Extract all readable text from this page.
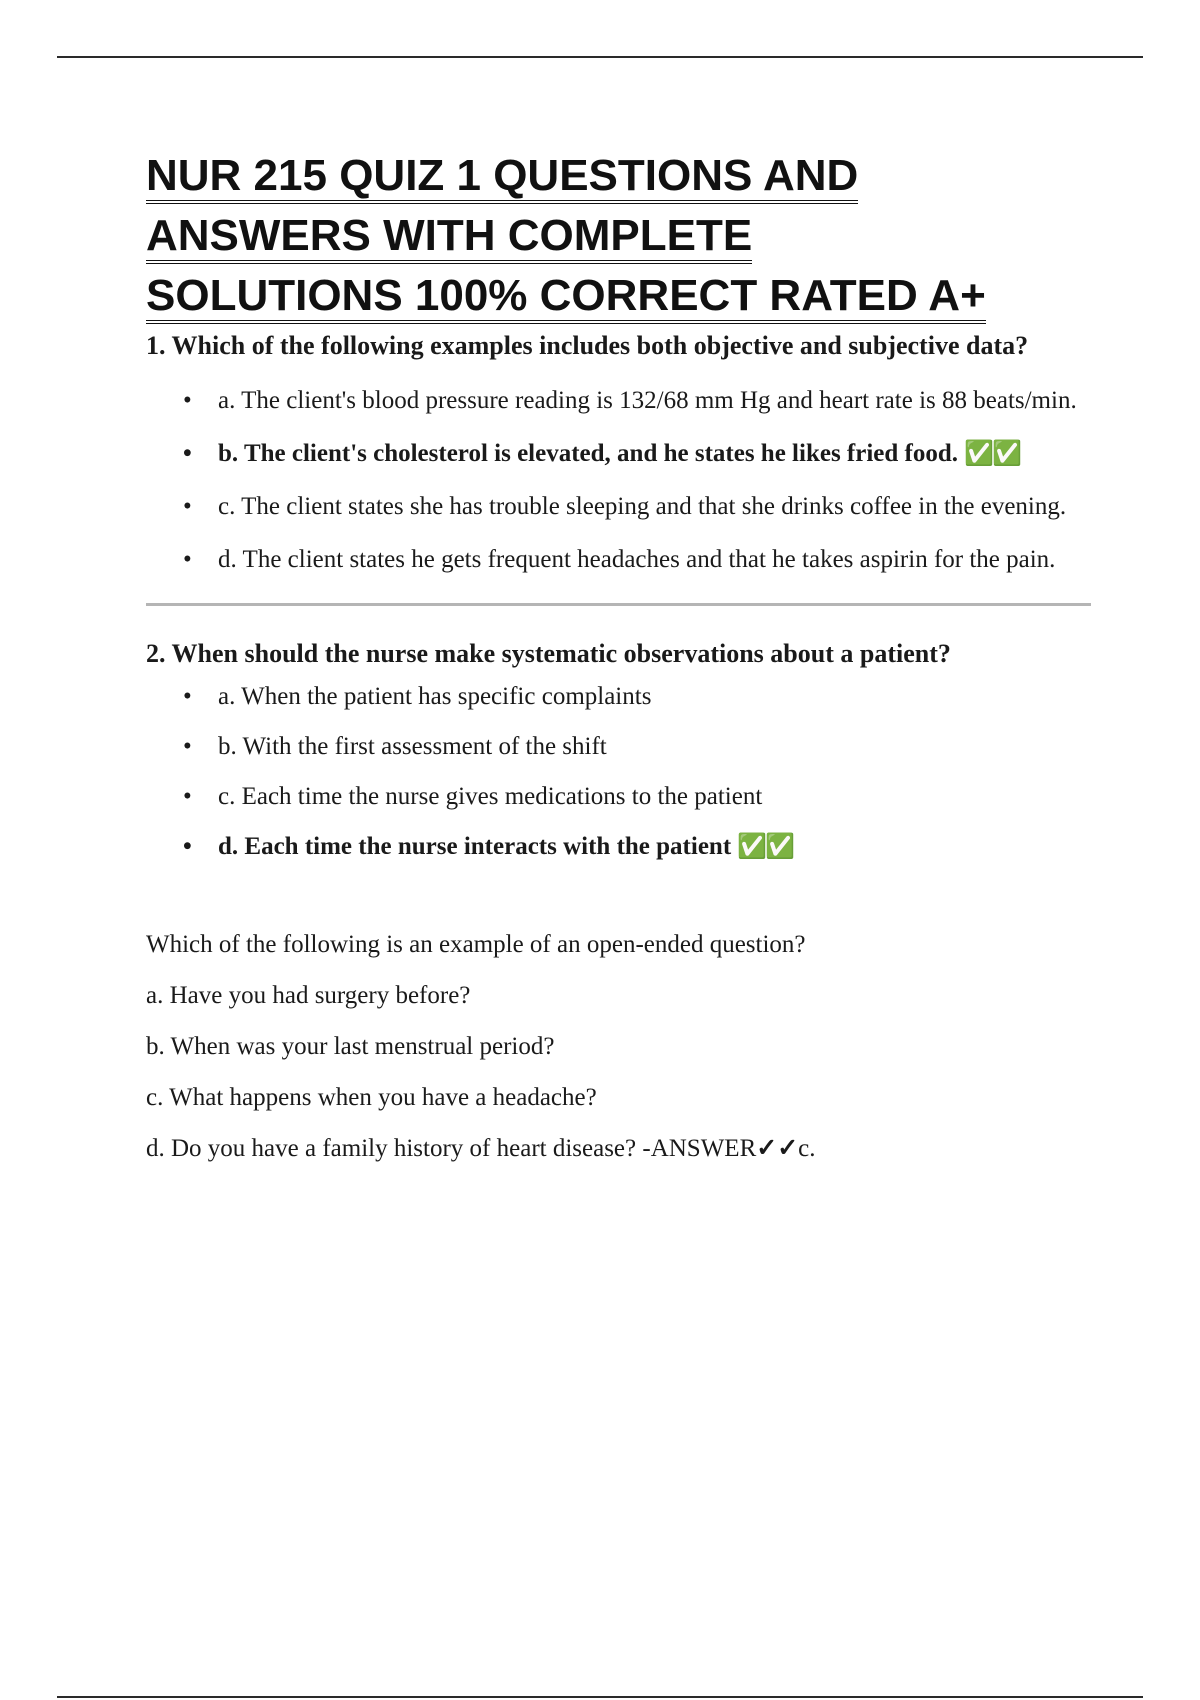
NUR 215 QUIZ 1 QUESTIONS AND
ANSWERS WITH COMPLETE
SOLUTIONS 100% CORRECT RATED A+

1. Which of the following examples includes both objective and subjective data?

• a. The client's blood pressure reading is 132/68 mm Hg and heart rate is 88 beats/min.
• b. The client's cholesterol is elevated, and he states he likes fried food. ✅✅
• c. The client states she has trouble sleeping and that she drinks coffee in the evening.
• d. The client states he gets frequent headaches and that he takes aspirin for the pain.

2. When should the nurse make systematic observations about a patient?

• a. When the patient has specific complaints
• b. With the first assessment of the shift
• c. Each time the nurse gives medications to the patient
• d. Each time the nurse interacts with the patient ✅✅

Which of the following is an example of an open-ended question?

a. Have you had surgery before?

b. When was your last menstrual period?

c. What happens when you have a headache?

d. Do you have a family history of heart disease? -ANSWER✓✓c.
